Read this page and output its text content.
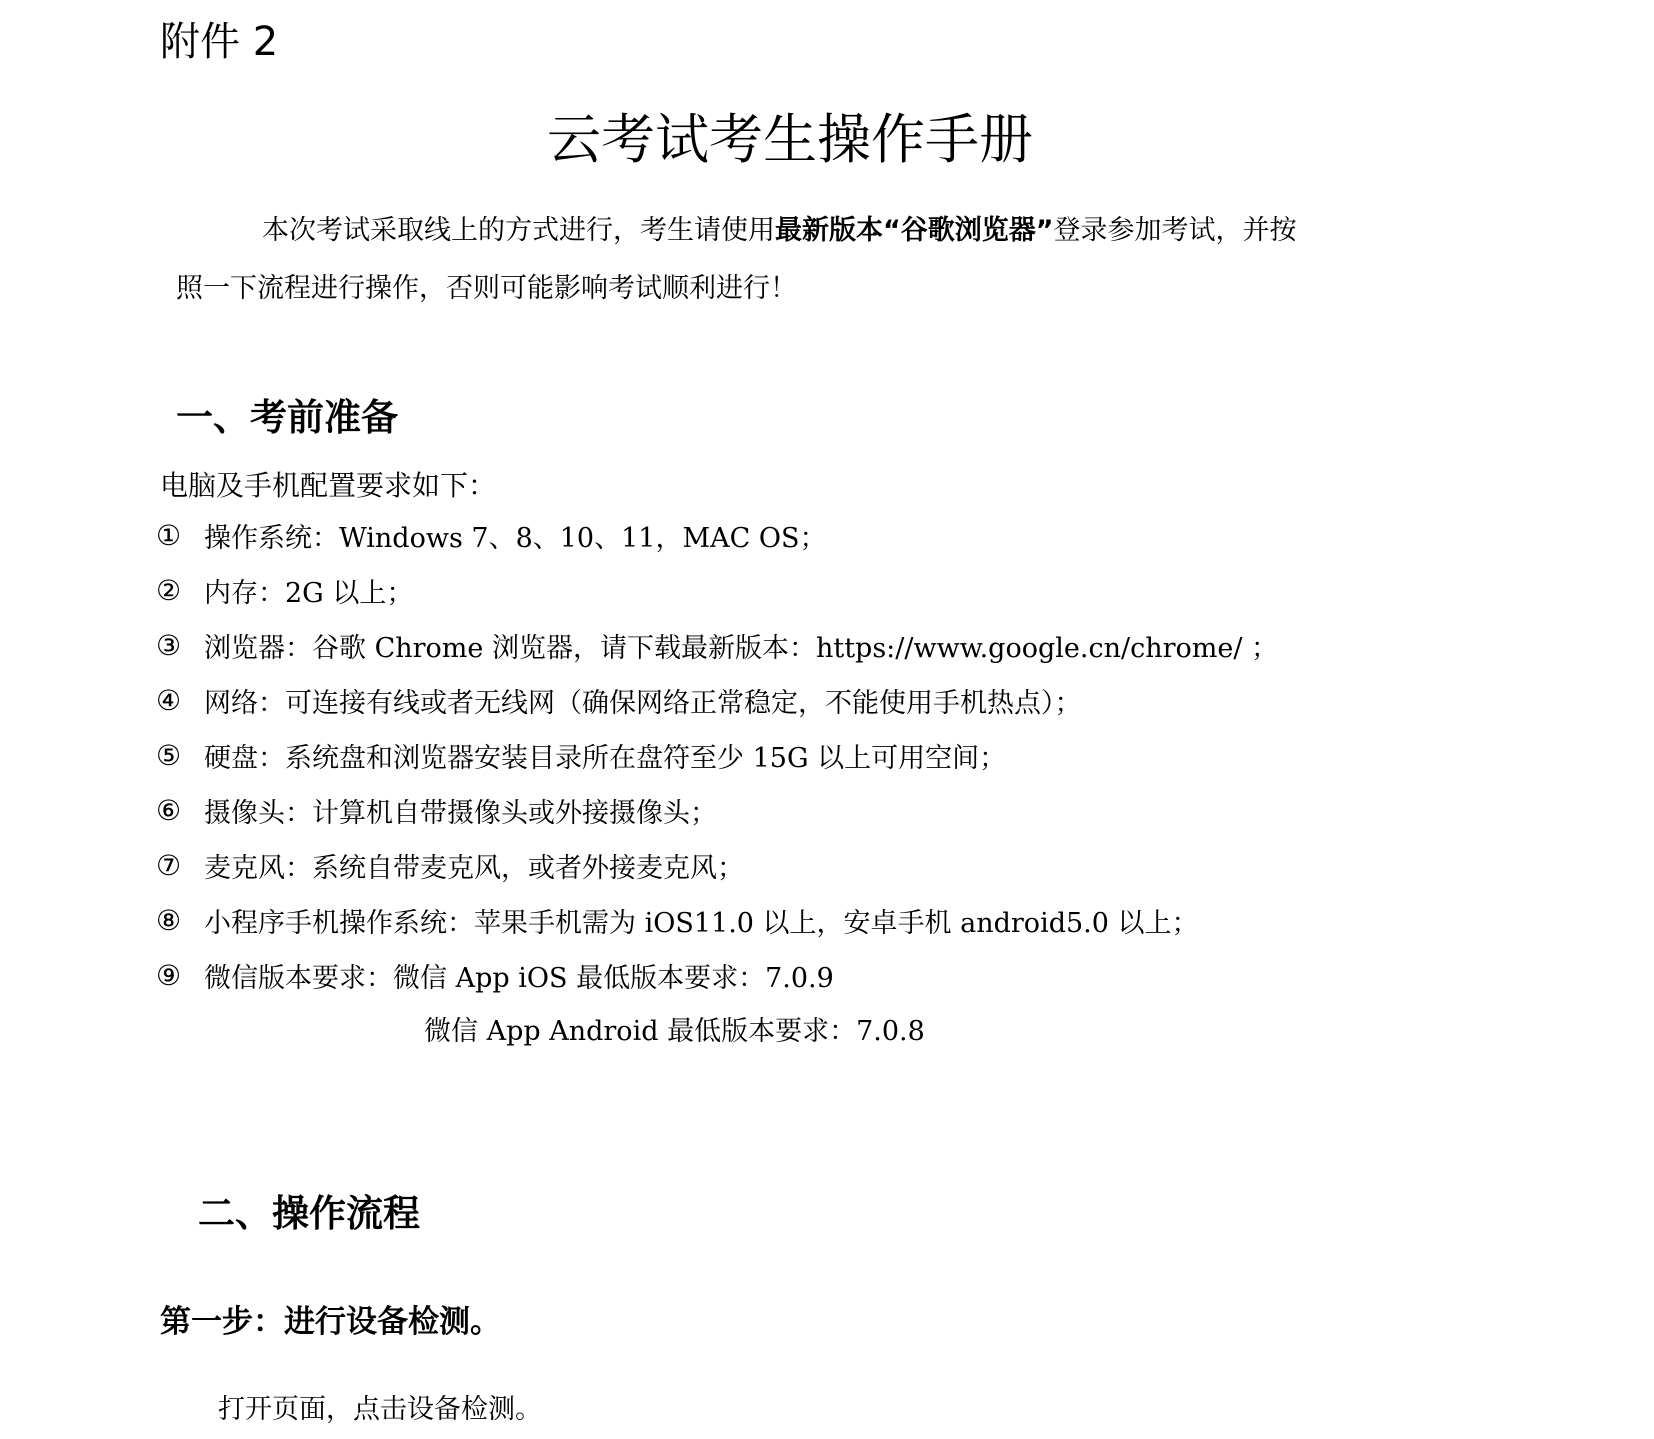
附件 2
云考试考生操作手册
本次考试采取线上的方式进行，考生请使用最新版本“谷歌浏览器”登录参加考试，并按
照一下流程进行操作，否则可能影响考试顺利进行！
一、考前准备
电脑及手机配置要求如下：
① 操作系统：Windows 7、8、10、11，MAC OS；
② 内存：2G 以上；
③ 浏览器：谷歌 Chrome 浏览器，请下载最新版本：https://www.google.cn/chrome/ ；
④ 网络：可连接有线或者无线网（确保网络正常稳定，不能使用手机热点）；
⑤ 硬盘：系统盘和浏览器安装目录所在盘符至少 15G 以上可用空间；
⑥ 摄像头：计算机自带摄像头或外接摄像头；
⑦ 麦克风：系统自带麦克风，或者外接麦克风；
⑧ 小程序手机操作系统：苹果手机需为 iOS11.0 以上，安卓手机 android5.0 以上；
⑨ 微信版本要求：微信 App iOS 最低版本要求：7.0.9
微信 App Android 最低版本要求：7.0.8
二、操作流程
第一步：进行设备检测。
打开页面，点击设备检测。
